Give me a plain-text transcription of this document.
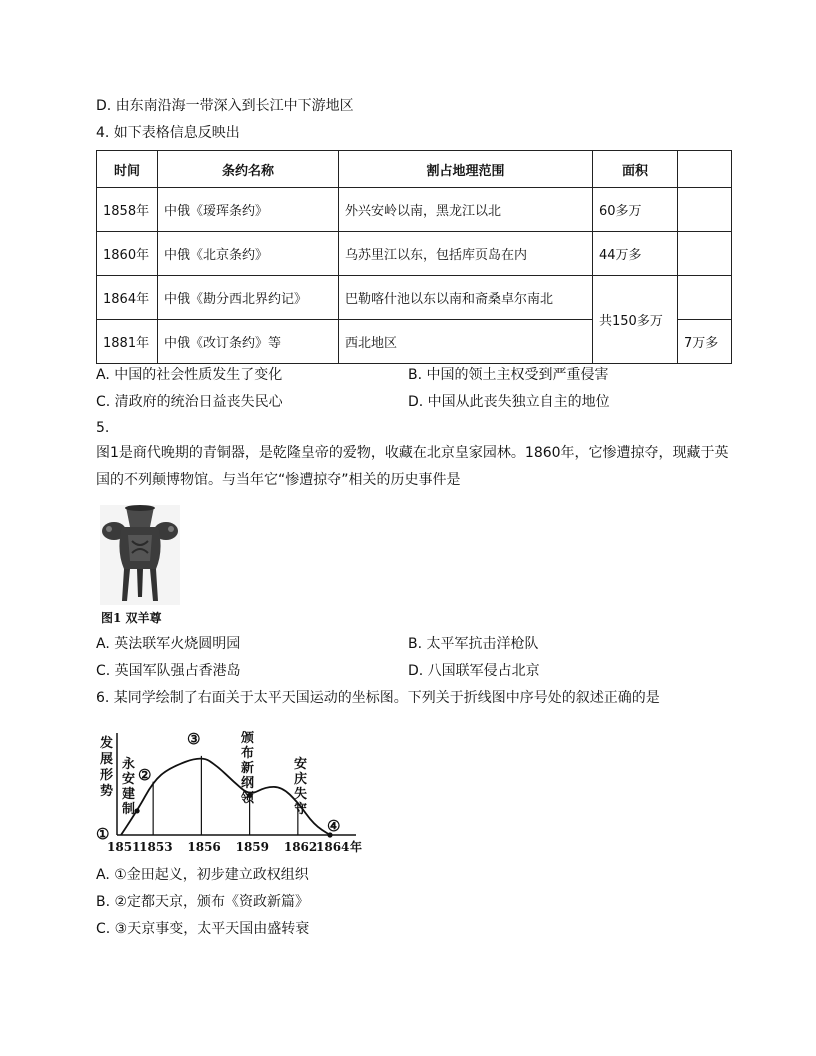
D. 由东南沿海一带深入到长江中下游地区
4. 如下表格信息反映出
时间	条约名称	割占地理范围	面积	
1858年	中俄《瑷珲条约》	外兴安岭以南，黑龙江以北	60多万	
1860年	中俄《北京条约》	乌苏里江以东，包括库页岛在内	44万多	
1864年	中俄《勘分西北界约记》	巴勒喀什池以东以南和斋桑卓尔南北	共150多万	
1881年	中俄《改订条约》等	西北地区		7万多
A. 中国的社会性质发生了变化	B. 中国的领土主权受到严重侵害
C. 清政府的统治日益丧失民心	D. 中国从此丧失独立自主的地位
5.
图1是商代晚期的青铜器，是乾隆皇帝的爱物，收藏在北京皇家园林。1860年，它惨遭掠夺，现藏于英
国的不列颠博物馆。与当年它“惨遭掠夺”相关的历史事件是
图1 双羊尊
A. 英法联军火烧圆明园	B. 太平军抗击洋枪队
C. 英国军队强占香港岛	D. 八国联军侵占北京
6. 某同学绘制了右面关于太平天国运动的坐标图。下列关于折线图中序号处的叙述正确的是
发
展
形
势
1851
1853 1856 1859 1862
1864 年
①
②
③
④
永
安
建
制
颁
布
新
纲
领
安
庆
失
守
A. ①金田起义，初步建立政权组织
B. ②定都天京，颁布《资政新篇》
C. ③天京事变，太平天国由盛转衰
